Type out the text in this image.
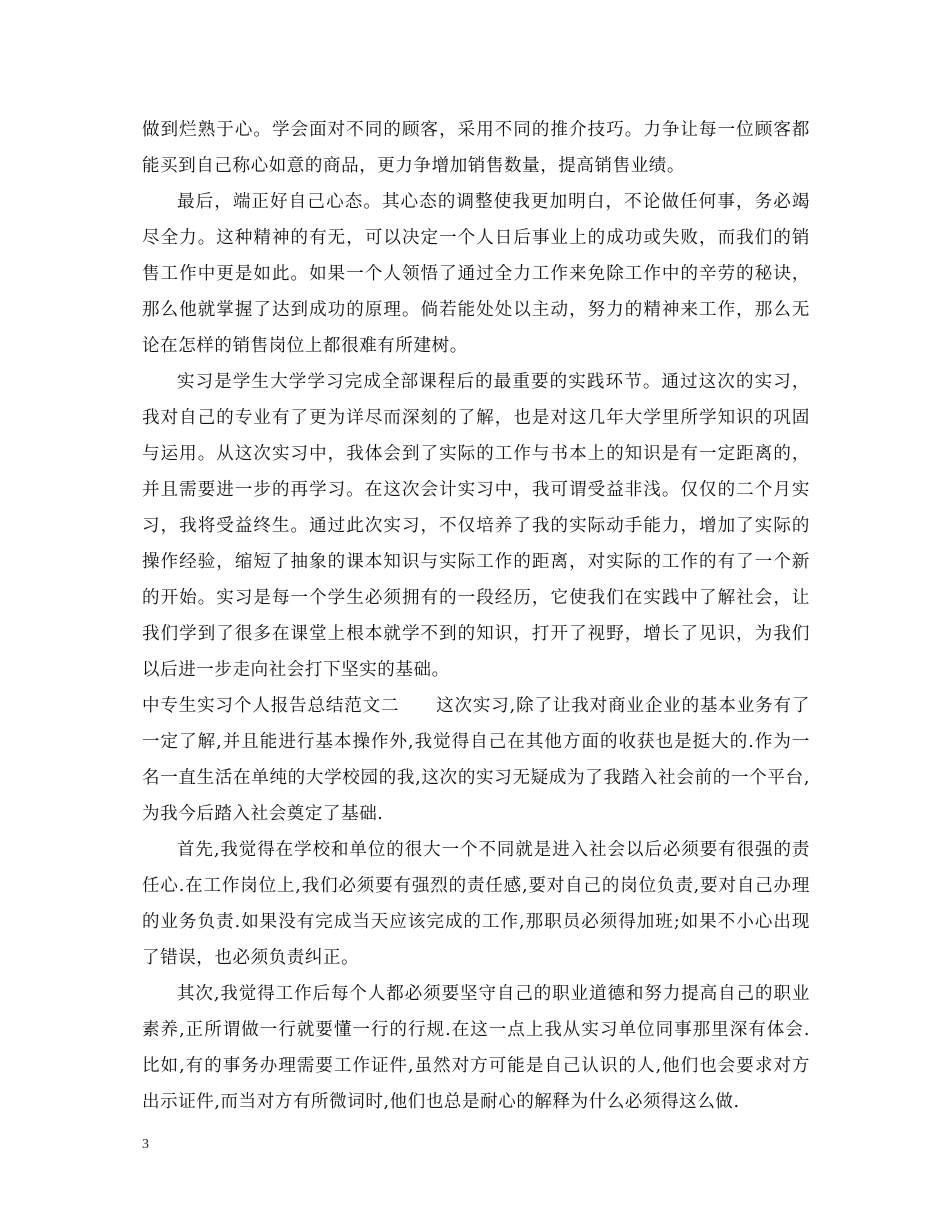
做到烂熟于心。学会面对不同的顾客，采用不同的推介技巧。力争让每一位顾客都能买到自己称心如意的商品，更力争增加销售数量，提高销售业绩。

最后，端正好自己心态。其心态的调整使我更加明白，不论做任何事，务必竭尽全力。这种精神的有无，可以决定一个人日后事业上的成功或失败，而我们的销售工作中更是如此。如果一个人领悟了通过全力工作来免除工作中的辛劳的秘诀，那么他就掌握了达到成功的原理。倘若能处处以主动，努力的精神来工作，那么无论在怎样的销售岗位上都很难有所建树。

实习是学生大学学习完成全部课程后的最重要的实践环节。通过这次的实习，我对自己的专业有了更为详尽而深刻的了解，也是对这几年大学里所学知识的巩固与运用。从这次实习中，我体会到了实际的工作与书本上的知识是有一定距离的，并且需要进一步的再学习。在这次会计实习中，我可谓受益非浅。仅仅的二个月实习，我将受益终生。通过此次实习，不仅培养了我的实际动手能力，增加了实际的操作经验，缩短了抽象的课本知识与实际工作的距离，对实际的工作的有了一个新的开始。实习是每一个学生必须拥有的一段经历，它使我们在实践中了解社会，让我们学到了很多在课堂上根本就学不到的知识，打开了视野，增长了见识，为我们以后进一步走向社会打下坚实的基础。

中专生实习个人报告总结范文二　　这次实习,除了让我对商业企业的基本业务有了一定了解,并且能进行基本操作外,我觉得自己在其他方面的收获也是挺大的.作为一名一直生活在单纯的大学校园的我,这次的实习无疑成为了我踏入社会前的一个平台,为我今后踏入社会奠定了基础.

首先,我觉得在学校和单位的很大一个不同就是进入社会以后必须要有很强的责任心.在工作岗位上,我们必须要有强烈的责任感,要对自己的岗位负责,要对自己办理的业务负责.如果没有完成当天应该完成的工作,那职员必须得加班;如果不小心出现了错误，也必须负责纠正。

其次,我觉得工作后每个人都必须要坚守自己的职业道德和努力提高自己的职业素养,正所谓做一行就要懂一行的行规.在这一点上我从实习单位同事那里深有体会.比如,有的事务办理需要工作证件,虽然对方可能是自己认识的人,他们也会要求对方出示证件,而当对方有所微词时,他们也总是耐心的解释为什么必须得这么做.

3
